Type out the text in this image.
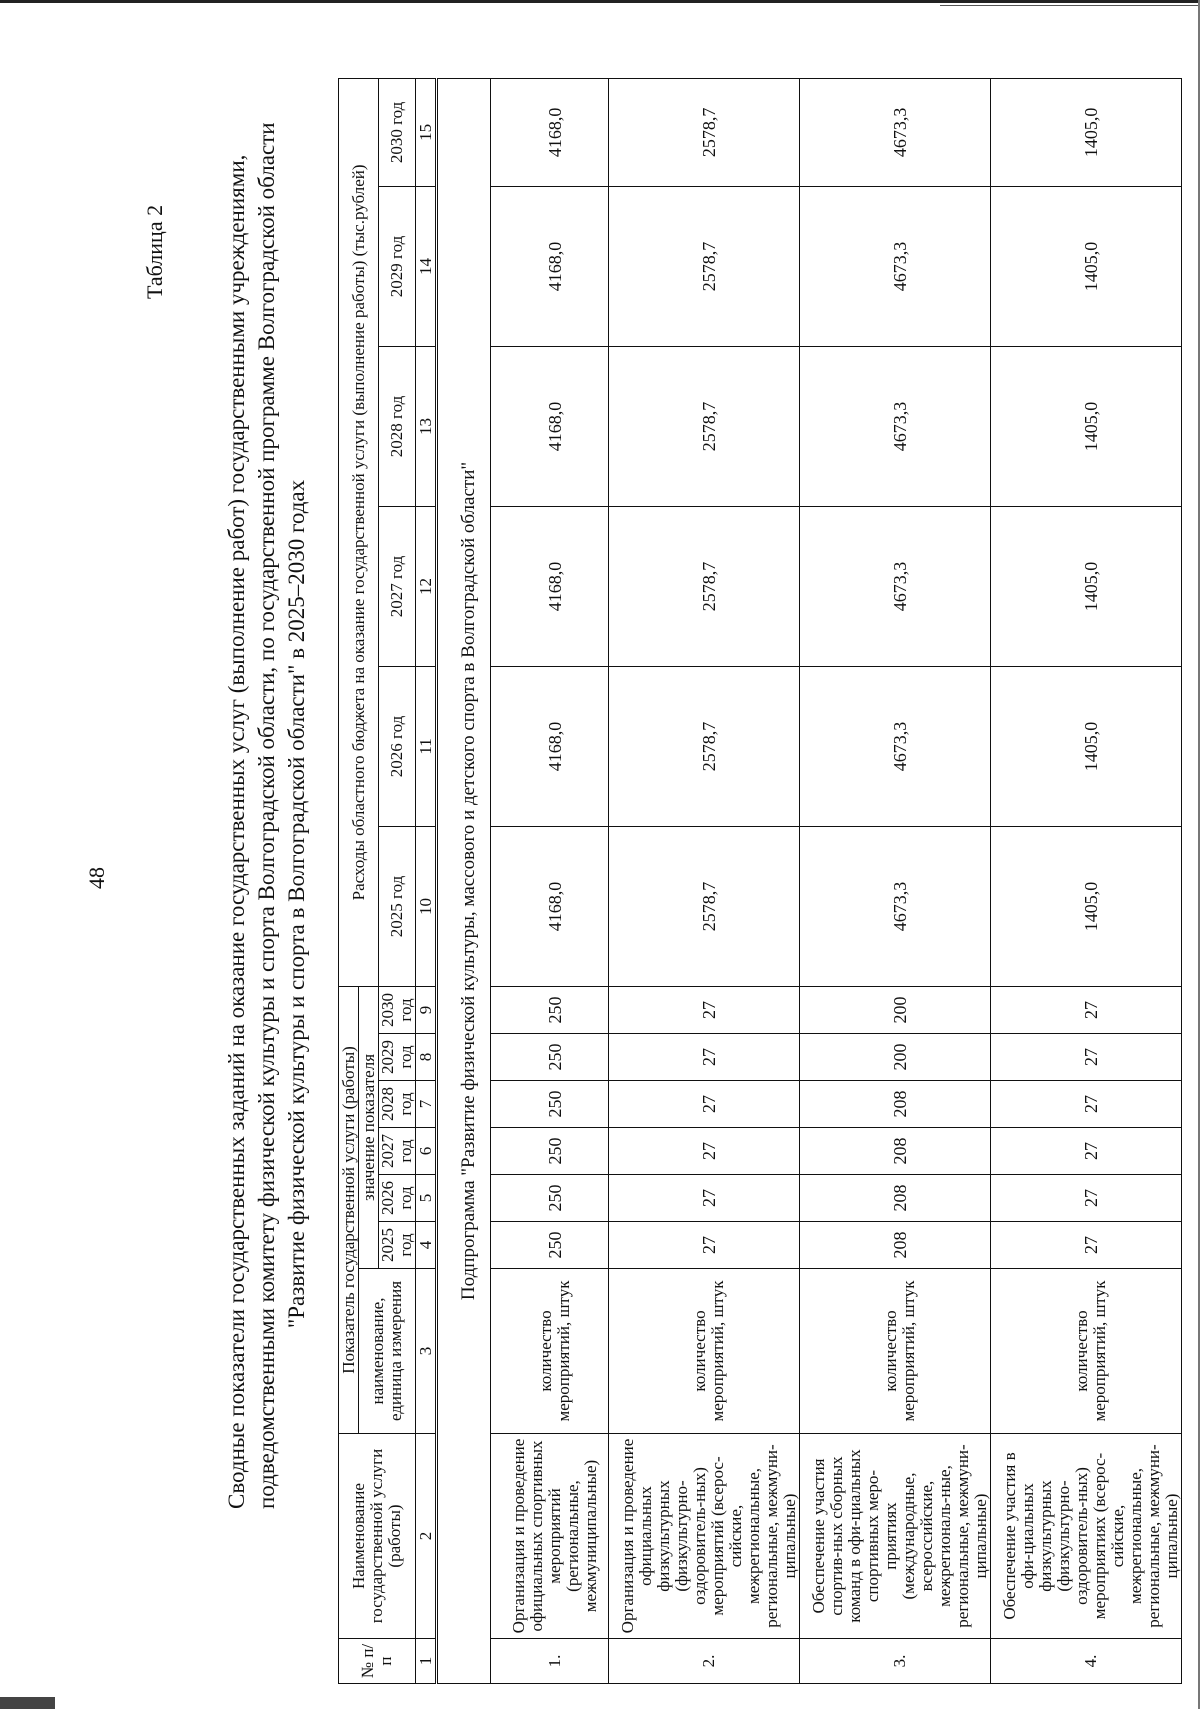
48
Таблица 2 Сводные показатели государственных заданий на оказание государственных услуг (выполнение работ) государственными учреждениями, подведомственными комитету физической культуры и спорта Волгоградской области, по государственной программе Волгоградской области "Развитие физической культуры и спорта в Волгоградской области" в 2025–2030 годах
№ п/п	Наименование государственной услуги (работы)	Показатель государственной услуги (работы)							Расходы областного бюджета на оказание государственной услуги (выполнение работы) (тыс.рублей)					
		наименование, единица измерения	значение показателя											
			2025 год	2026 год	2027 год	2028 год	2029 год	2030 год	2025 год	2026 год	2027 год	2028 год	2029 год	2030 год
1	2	3	4	5	6	7	8	9	10	11	12	13	14	15
Подпрограмма "Развитие физической культуры, массового и детского спорта в Волгоградской области"														
1.	Организация и проведение официальных спортивных мероприятий (региональные, межмуниципальные)	количество мероприятий, штук	250	250	250	250	250	250	4168,0	4168,0	4168,0	4168,0	4168,0	4168,0
2.	Организация и проведение официальных физкультурных (физкультурно-оздоровитель-ных) мероприятий (всерос-сийские, межрегиональные, региональные, межмуни-ципальные)	количество мероприятий, штук	27	27	27	27	27	27	2578,7	2578,7	2578,7	2578,7	2578,7	2578,7
3.	Обеспечение участия спортив-ных сборных команд в офи-циальных спортивных меро-приятиях (международные, всероссийские, межрегиональ-ные, региональные, межмуни-ципальные)	количество мероприятий, штук	208	208	208	208	200	200	4673,3	4673,3	4673,3	4673,3	4673,3	4673,3
4.	Обеспечение участия в офи-циальных физкультурных (физкультурно-оздоровитель-ных) мероприятиях (всерос-сийские, межрегиональные, региональные, межмуни-ципальные)	количество мероприятий, штук	27	27	27	27	27	27	1405,0	1405,0	1405,0	1405,0	1405,0	1405,0
